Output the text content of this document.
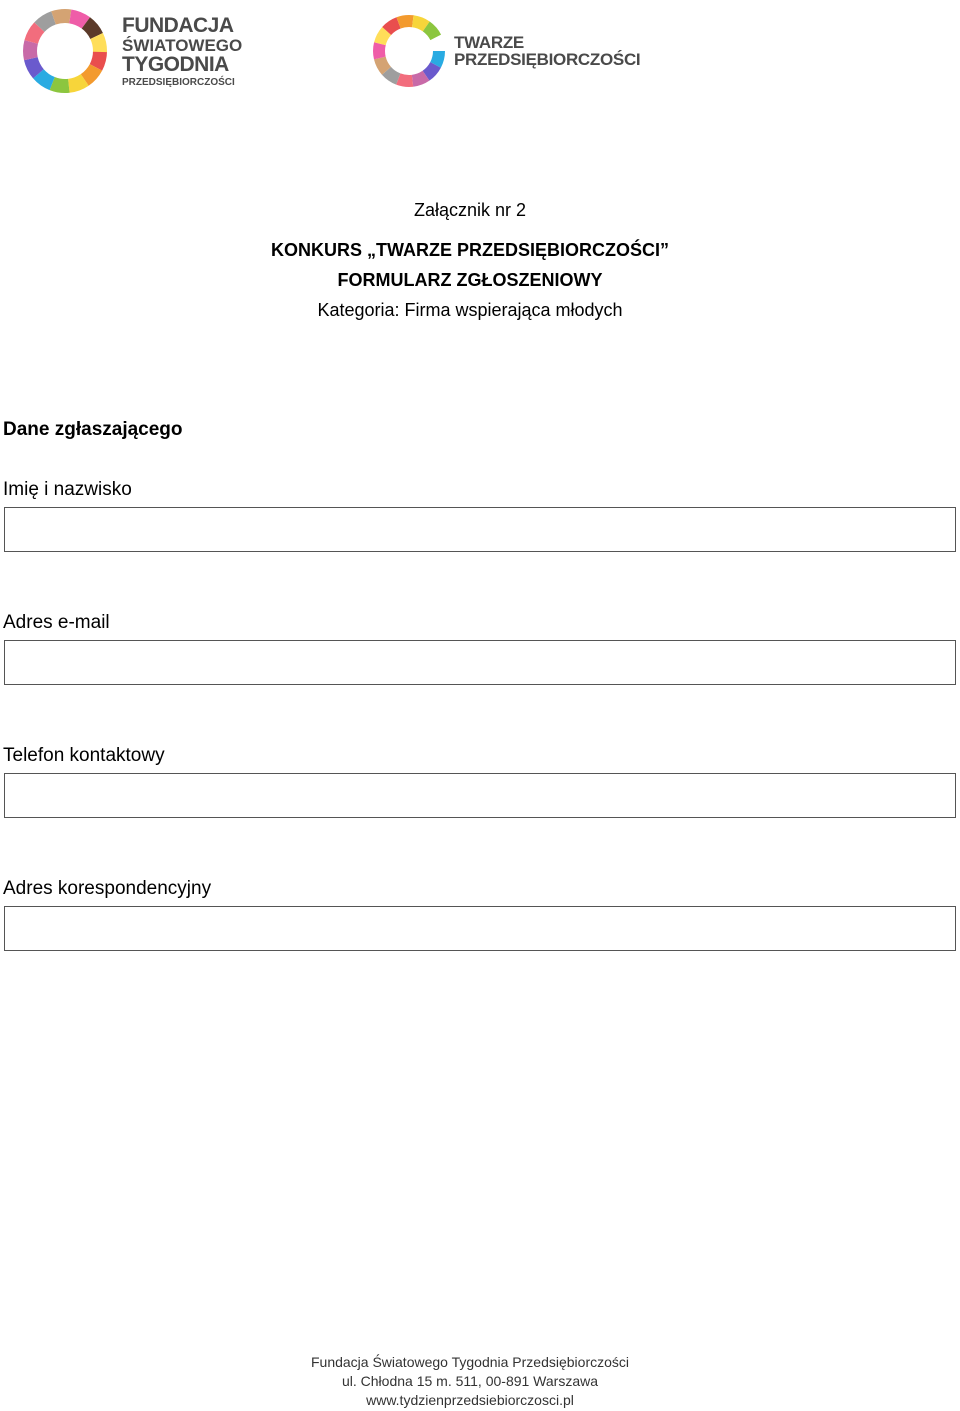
FUNDACJA
ŚWIATOWEGO
TYGODNIA
PRZEDSIĘBIORCZOŚCI
TWARZE
PRZEDSIĘBIORCZOŚCI
Załącznik nr 2
KONKURS „TWARZE PRZEDSIĘBIORCZOŚCI”
FORMULARZ ZGŁOSZENIOWY
Kategoria: Firma wspierająca młodych
Dane zgłaszającego
Imię i nazwisko
Adres e-mail
Telefon kontaktowy
Adres korespondencyjny
Fundacja Światowego Tygodnia Przedsiębiorczości
ul. Chłodna 15 m. 511, 00-891 Warszawa
www.tydzienprzedsiebiorczosci.pl
